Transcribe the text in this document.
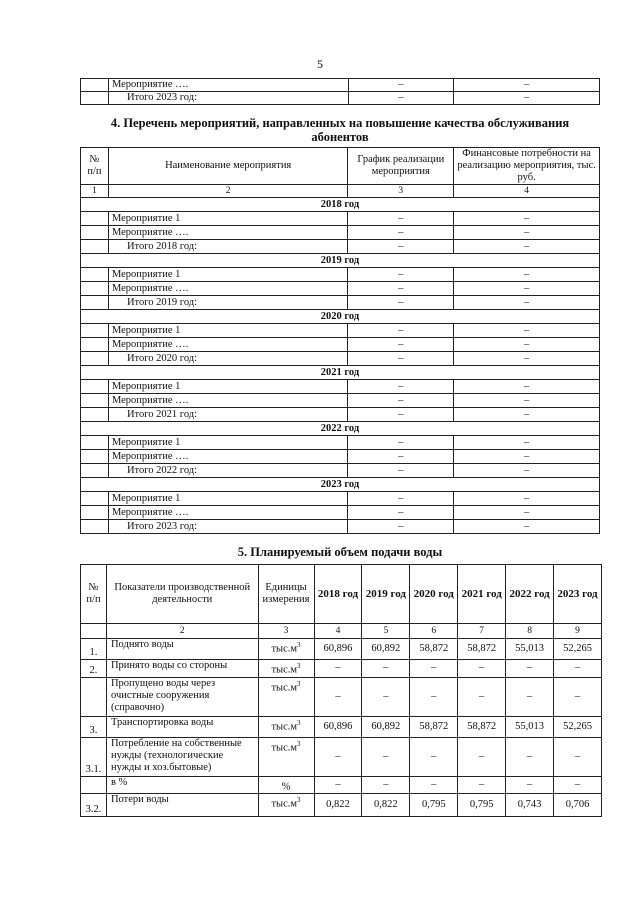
5
	Мероприятие ….	–	–
	Итого 2023 год:	–	–
4. Перечень мероприятий, направленных на повышение качества обслуживания
абонентов
№ п/п	Наименование мероприятия	График реализации мероприятия	Финансовые потребности на реализацию мероприятия, тыс. руб.
1	2	3	4
2018 год			
	Мероприятие 1	–	–
	Мероприятие ….	–	–
	Итого 2018 год:	–	–
2019 год			
	Мероприятие 1	–	–
	Мероприятие ….	–	–
	Итого 2019 год:	–	–
2020 год			
	Мероприятие 1	–	–
	Мероприятие ….	–	–
	Итого 2020 год:	–	–
2021 год			
	Мероприятие 1	–	–
	Мероприятие ….	–	–
	Итого 2021 год:	–	–
2022 год			
	Мероприятие 1	–	–
	Мероприятие ….	–	–
	Итого 2022 год:	–	–
2023 год			
	Мероприятие 1	–	–
	Мероприятие ….	–	–
	Итого 2023 год:	–	–
5. Планируемый объем подачи воды
№ п/п	Показатели производственной деятельности	Единицы измерения	2018 год	2019 год	2020 год	2021 год	2022 год	2023 год
	2	3	4	5	6	7	8	9
1.	Поднято воды	$тыс.м^3$	60,896	60,892	58,872	58,872	55,013	52,265
2.	Принято воды со стороны	$тыс.м^3$	–	–	–	–	–	–
	Пропущено воды через очистные сооружения (справочно)	$тыс.м^3$	–	–	–	–	–	–
3.	Транспортировка воды	$тыс.м^3$	60,896	60,892	58,872	58,872	55,013	52,265
3.1.	Потребление на собственные нужды (технологические нужды и хоз.бытовые)	$тыс.м^3$	–	–	–	–	–	–
	в %	%	–	–	–	–	–	–
3.2.	Потери воды	$тыс.м^3$	0,822	0,822	0,795	0,795	0,743	0,706
